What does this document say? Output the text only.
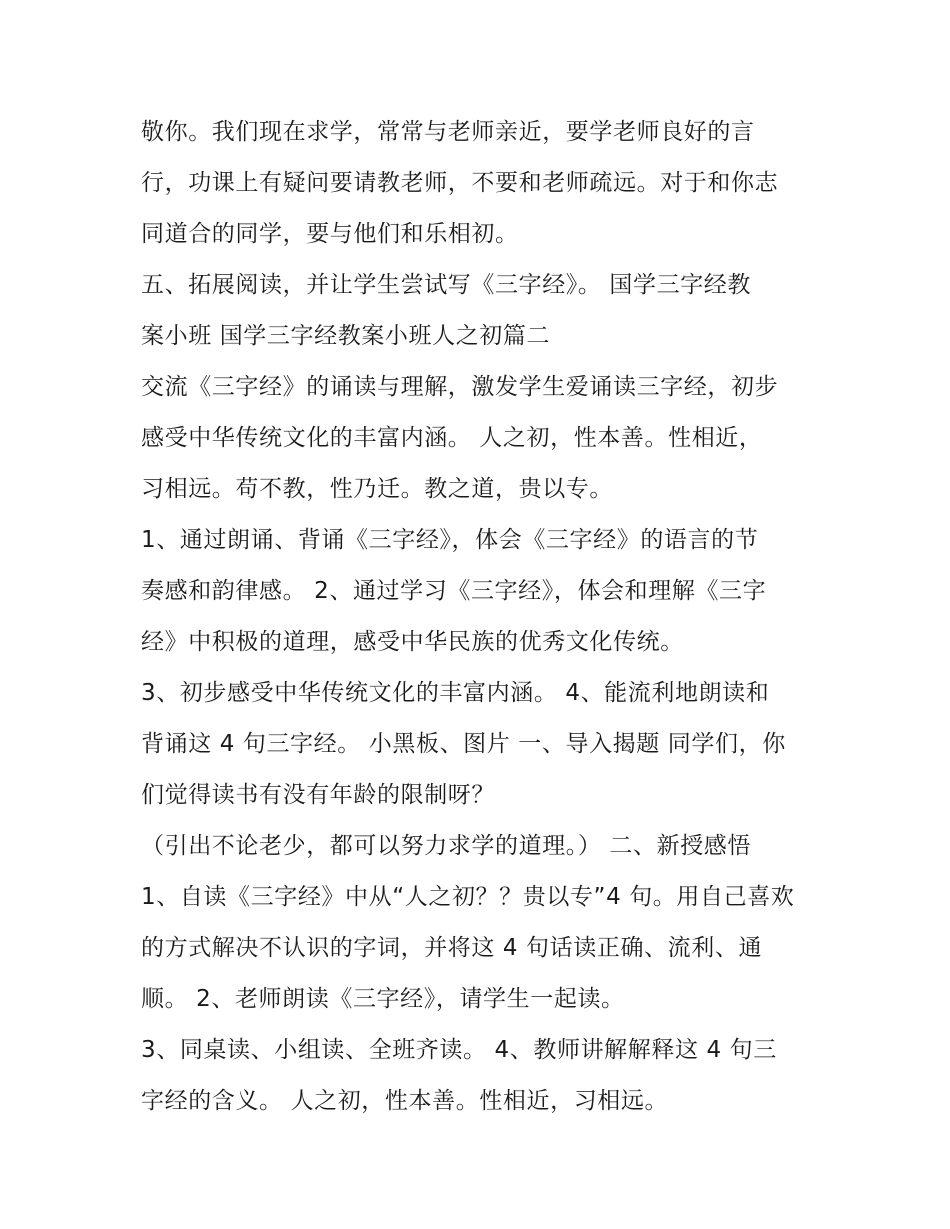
敬你。我们现在求学，常常与老师亲近，要学老师良好的言
行，功课上有疑问要请教老师，不要和老师疏远。对于和你志
同道合的同学，要与他们和乐相初。
五、拓展阅读，并让学生尝试写《三字经》。 国学三字经教
案小班 国学三字经教案小班人之初篇二
交流《三字经》的诵读与理解，激发学生爱诵读三字经，初步
感受中华传统文化的丰富内涵。 人之初，性本善。性相近，
习相远。苟不教，性乃迁。教之道，贵以专。
1、通过朗诵、背诵《三字经》，体会《三字经》的语言的节
奏感和韵律感。 2、通过学习《三字经》，体会和理解《三字
经》中积极的道理，感受中华民族的优秀文化传统。
3、初步感受中华传统文化的丰富内涵。 4、能流利地朗读和
背诵这 4 句三字经。 小黑板、图片 一、导入揭题 同学们，你
们觉得读书有没有年龄的限制呀？
（引出不论老少，都可以努力求学的道理。） 二、新授感悟
1、自读《三字经》中从“人之初？？贵以专”4 句。用自己喜欢
的方式解决不认识的字词，并将这 4 句话读正确、流利、通
顺。 2、老师朗读《三字经》，请学生一起读。
3、同桌读、小组读、全班齐读。 4、教师讲解解释这 4 句三
字经的含义。 人之初，性本善。性相近，习相远。
